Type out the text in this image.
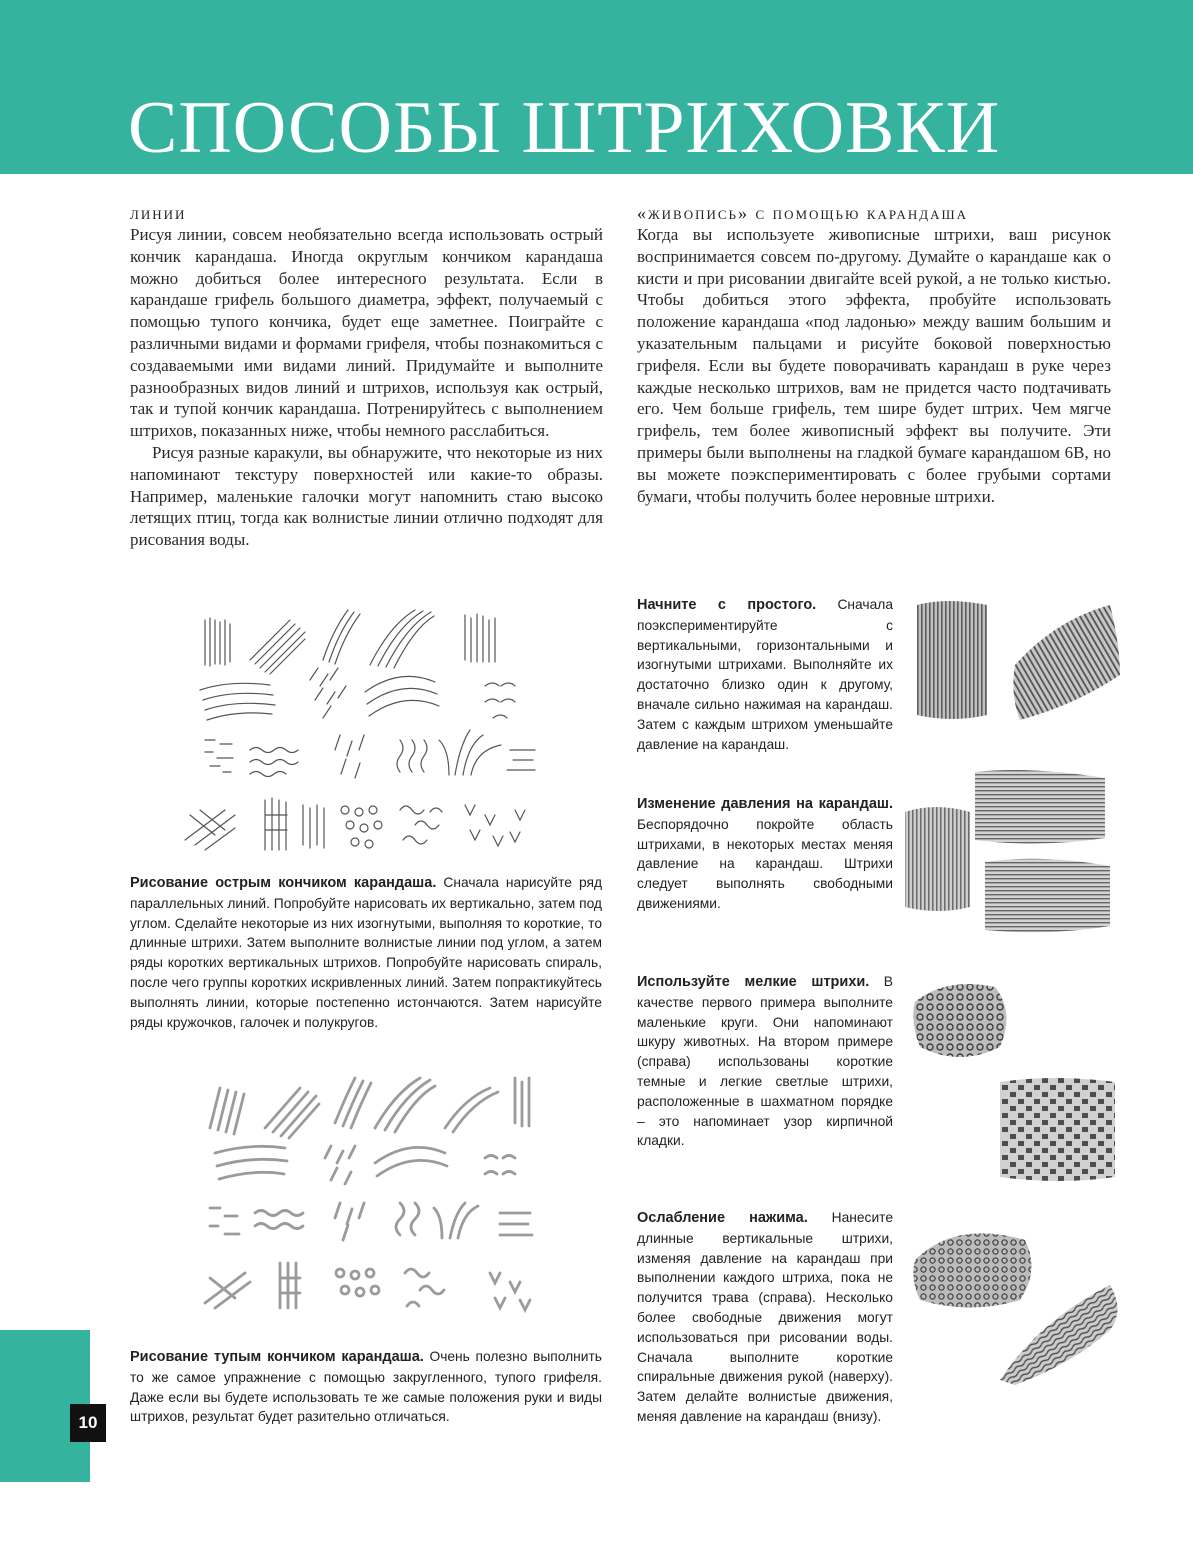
СПОСОБЫ ШТРИХОВКИ
линии

Рисуя линии, совсем необязательно всегда использовать острый кончик карандаша. Иногда округлым кончиком карандаша можно добиться более интересного результата. Если в карандаше грифель большого диаметра, эффект, получаемый с помощью тупого кончика, будет еще заметнее. Поиграйте с различными видами и формами грифеля, чтобы познакомиться с создаваемыми ими видами линий. Придумайте и выполните разнообразных видов линий и штрихов, используя как острый, так и тупой кончик карандаша. Потренируйтесь с выполнением штрихов, показанных ниже, чтобы немного расслабиться.

Рисуя разные каракули, вы обнаружите, что некоторые из них напоминают текстуру поверхностей или какие-то образы. Например, маленькие галочки могут напомнить стаю высоко летящих птиц, тогда как волнистые линии отлично подходят для рисования воды.

Рисование острым кончиком карандаша. Сначала нарисуйте ряд параллельных линий. Попробуйте нарисовать их вертикально, затем под углом. Сделайте некоторые из них изогнутыми, выполняя то короткие, то длинные штрихи. Затем выполните волнистые линии под углом, а затем ряды коротких вертикальных штрихов. Попробуйте нарисовать спираль, после чего группы коротких искривленных линий. Затем попрактикуйтесь выполнять линии, которые постепенно истончаются. Затем нарисуйте ряды кружочков, галочек и полукругов.

Рисование тупым кончиком карандаша. Очень полезно выполнить то же самое упражнение с помощью закругленного, тупого грифеля. Даже если вы будете использовать те же самые положения руки и виды штрихов, результат будет разительно отличаться.

«живопись» с помощью карандаша

Когда вы используете живописные штрихи, ваш рисунок воспринимается совсем по-другому. Думайте о карандаше как о кисти и при рисовании двигайте всей рукой, а не только кистью. Чтобы добиться этого эффекта, пробуйте использовать положение карандаша «под ладонью» между вашим большим и указательным пальцами и рисуйте боковой поверхностью грифеля. Если вы будете поворачивать карандаш в руке через каждые несколько штрихов, вам не придется часто подтачивать его. Чем больше грифель, тем шире будет штрих. Чем мягче грифель, тем более живописный эффект вы получите. Эти примеры были выполнены на гладкой бумаге карандашом 6В, но вы можете поэкспериментировать с более грубыми сортами бумаги, чтобы получить более неровные штрихи.

Начните с простого. Сначала поэкспериментируйте с вертикальными, горизонтальными и изогнутыми штрихами. Выполняйте их достаточно близко один к другому, вначале сильно нажимая на карандаш. Затем с каждым штрихом уменьшайте давление на карандаш.

Изменение давления на карандаш. Беспорядочно покройте область штрихами, в некоторых местах меняя давление на карандаш. Штрихи следует выполнять свободными движениями.

Используйте мелкие штрихи. В качестве первого примера выполните маленькие круги. Они напоминают шкуру животных. На втором примере (справа) использованы короткие темные и легкие светлые штрихи, расположенные в шахматном порядке – это напоминает узор кирпичной кладки.

Ослабление нажима. Нанесите длинные вертикальные штрихи, изменяя давление на карандаш при выполнении каждого штриха, пока не получится трава (справа). Несколько более свободные движения могут использоваться при рисовании воды. Сначала выполните короткие спиральные движения рукой (наверху). Затем делайте волнистые движения, меняя давление на карандаш (внизу).

10
